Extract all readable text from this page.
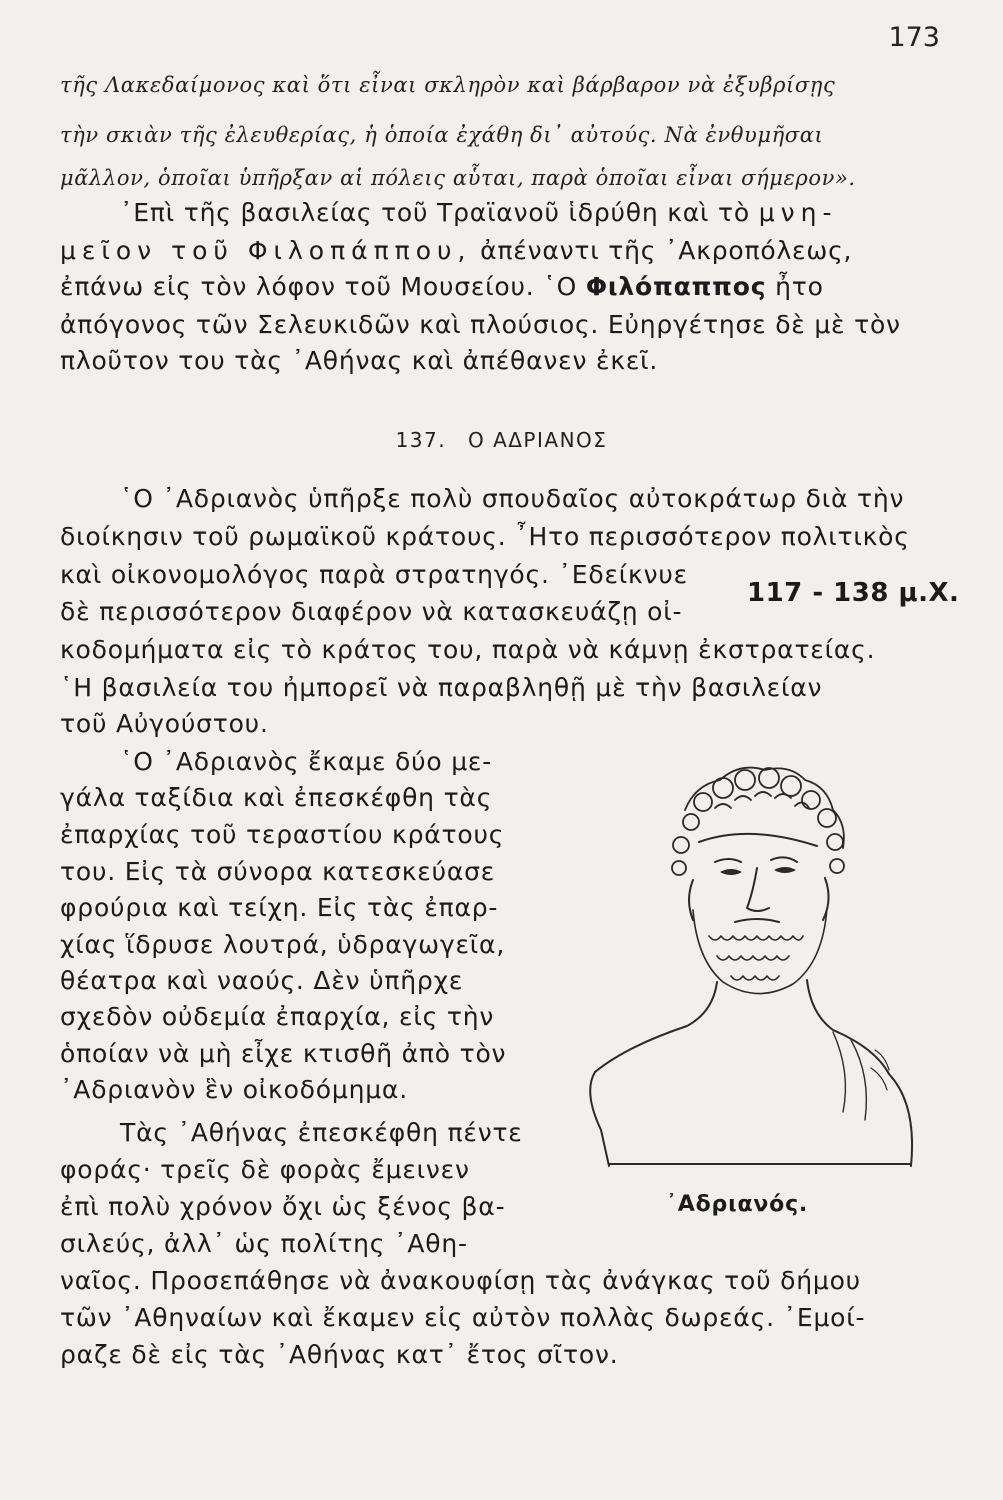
173
τῆς Λακεδαίμονος καὶ ὅτι εἶναι σκληρὸν καὶ βάρβαρον νὰ ἐξυβρίσῃς
τὴν σκιὰν τῆς ἐλευθερίας, ἡ ὁποία ἐχάθη δι᾽ αὐτούς. Νὰ ἐνθυμῆσαι
μᾶλλον, ὁποῖαι ὑπῆρξαν αἱ πόλεις αὗται, παρὰ ὁποῖαι εἶναι σήμερον».
᾿Επὶ τῆς βασιλείας τοῦ Τραϊανοῦ ἱδρύθη καὶ τὸ μνη-
μεῖον τοῦ Φιλοπάππου, ἀπέναντι τῆς ᾿Ακροπόλεως,
ἐπάνω εἰς τὸν λόφον τοῦ Μουσείου. ῾Ο Φιλόπαππος ἦτο
ἀπόγονος τῶν Σελευκιδῶν καὶ πλούσιος. Εὐηργέτησε δὲ μὲ τὸν
πλοῦτον του τὰς ᾿Αθήνας καὶ ἀπέθανεν ἐκεῖ.
137. Ο ΑΔΡΙΑΝΟΣ
῾Ο ᾿Αδριανὸς ὑπῆρξε πολὺ σπουδαῖος αὐτοκράτωρ διὰ τὴν
διοίκησιν τοῦ ρωμαϊκοῦ κράτους. ῏Ητο περισσότερον πολιτικὸς
καὶ οἰκονομολόγος παρὰ στρατηγός. ᾿Εδείκνυε
δὲ περισσότερον διαφέρον νὰ κατασκευάζῃ οἰ-
κοδομήματα εἰς τὸ κράτος του, παρὰ νὰ κάμνῃ ἐκστρατείας.
῾Η βασιλεία του ἠμπορεῖ νὰ παραβληθῇ μὲ τὴν βασιλείαν
τοῦ Αὐγούστου.
117 - 138 μ.Χ.
῾Ο ᾿Αδριανὸς ἔκαμε δύο με-
γάλα ταξίδια καὶ ἐπεσκέφθη τὰς
ἐπαρχίας τοῦ τεραστίου κράτους
του. Εἰς τὰ σύνορα κατεσκεύασε
φρούρια καὶ τείχη. Εἰς τὰς ἐπαρ-
χίας ἵδρυσε λουτρά, ὑδραγωγεῖα,
θέατρα καὶ ναούς. Δὲν ὑπῆρχε
σχεδὸν οὐδεμία ἐπαρχία, εἰς τὴν
ὁποίαν νὰ μὴ εἶχε κτισθῆ ἀπὸ τὸν
᾿Αδριανὸν ἓν οἰκοδόμημα.
Τὰς ᾿Αθήνας ἐπεσκέφθη πέντε
φοράς· τρεῖς δὲ φορὰς ἔμεινεν
ἐπὶ πολὺ χρόνον ὄχι ὡς ξένος βα-
σιλεύς, ἀλλ᾽ ὡς πολίτης ᾿Αθη-
ναῖος. Προσεπάθησε νὰ ἀνακουφίσῃ τὰς ἀνάγκας τοῦ δήμου
τῶν ᾿Αθηναίων καὶ ἔκαμεν εἰς αὐτὸν πολλὰς δωρεάς. ᾿Εμοί-
ραζε δὲ εἰς τὰς ᾿Αθήνας κατ᾽ ἔτος σῖτον.
᾿Αδριανός.
